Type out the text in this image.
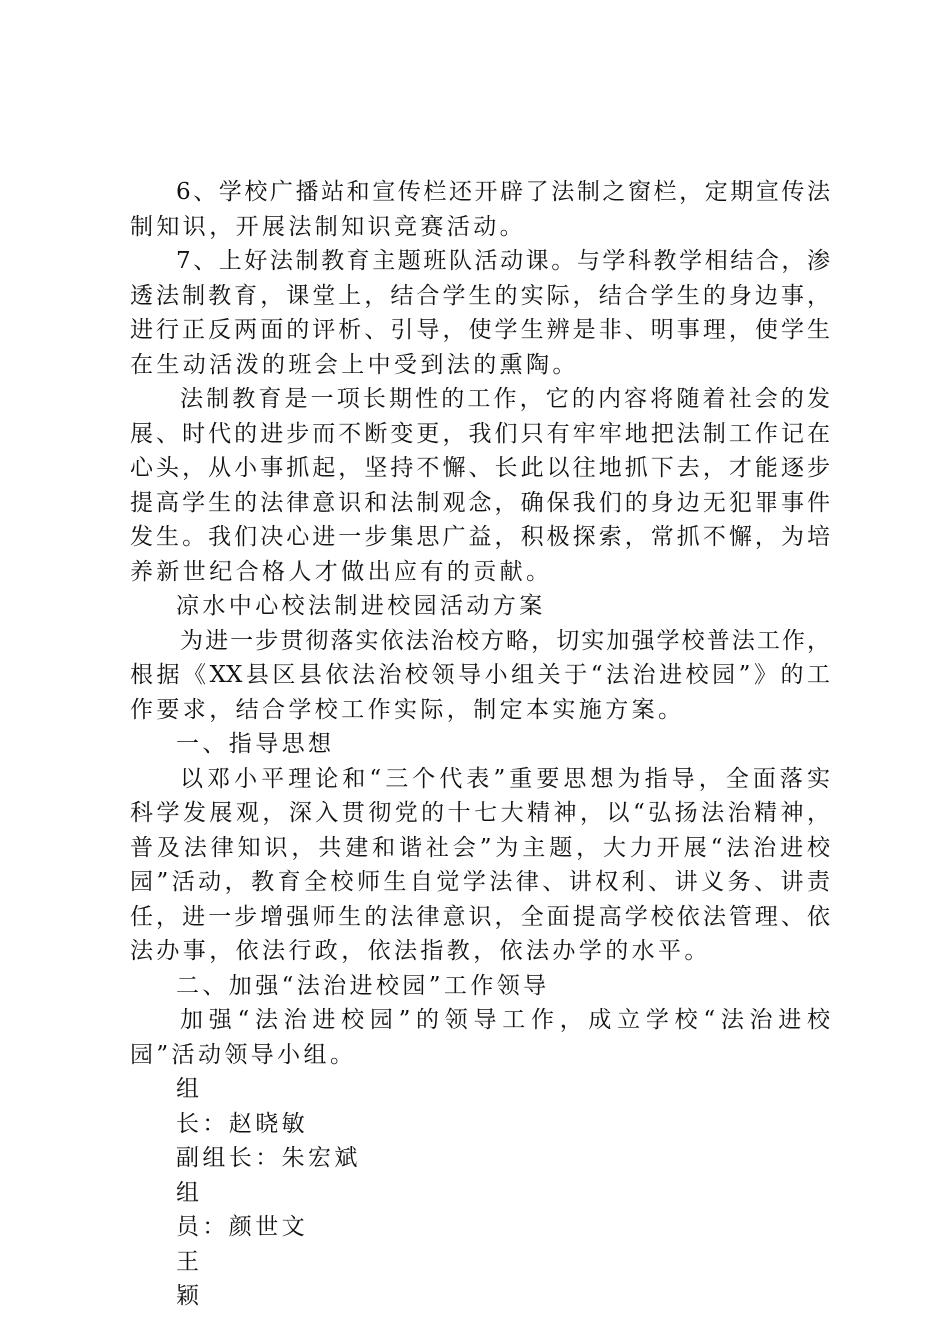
6、学校广播站和宣传栏还开辟了法制之窗栏，定期宣传法
制知识，开展法制知识竞赛活动。
7、上好法制教育主题班队活动课。与学科教学相结合，渗
透法制教育，课堂上，结合学生的实际，结合学生的身边事，
进行正反两面的评析、引导，使学生辨是非、明事理，使学生
在生动活泼的班会上中受到法的熏陶。
法制教育是一项长期性的工作，它的内容将随着社会的发
展、时代的进步而不断变更，我们只有牢牢地把法制工作记在
心头，从小事抓起，坚持不懈、长此以往地抓下去，才能逐步
提高学生的法律意识和法制观念，确保我们的身边无犯罪事件
发生。我们决心进一步集思广益，积极探索，常抓不懈，为培
养新世纪合格人才做出应有的贡献。
凉水中心校法制进校园活动方案
为进一步贯彻落实依法治校方略，切实加强学校普法工作，
根据《XX县区县依法治校领导小组关于“法治进校园”》的工
作要求，结合学校工作实际，制定本实施方案。
一、指导思想
以邓小平理论和“三个代表”重要思想为指导，全面落实
科学发展观，深入贯彻党的十七大精神，以“弘扬法治精神，
普及法律知识，共建和谐社会”为主题，大力开展“法治进校
园”活动，教育全校师生自觉学法律、讲权利、讲义务、讲责
任，进一步增强师生的法律意识，全面提高学校依法管理、依
法办事，依法行政，依法指教，依法办学的水平。
二、加强“法治进校园”工作领导
加强“法治进校园”的领导工作，成立学校“法治进校
园”活动领导小组。
组
长：赵晓敏
副组长：朱宏斌
组
员：颜世文
王
颖
